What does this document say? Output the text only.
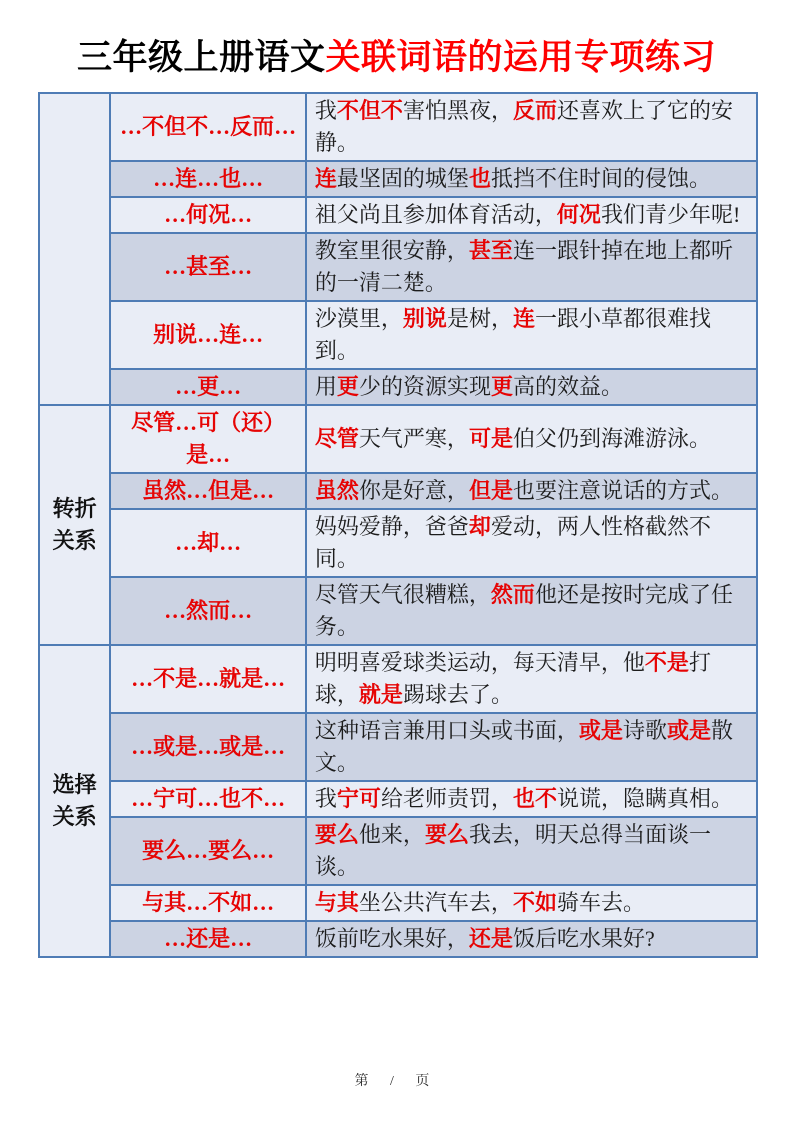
三年级上册语文关联词语的运用专项练习
	…不但不…反而…	我不但不害怕黑夜，反而还喜欢上了它的安静。
	…连…也…	连最坚固的城堡也抵挡不住时间的侵蚀。
	…何况…	祖父尚且参加体育活动，何况我们青少年呢!
	…甚至…	教室里很安静，甚至连一跟针掉在地上都听的一清二楚。
	别说…连…	沙漠里，别说是树，连一跟小草都很难找到。
	…更…	用更少的资源实现更高的效益。
转折关系	尽管…可（还）是…	尽管天气严寒，可是伯父仍到海滩游泳。
	虽然…但是…	虽然你是好意，但是也要注意说话的方式。
	…却…	妈妈爱静，爸爸却爱动，两人性格截然不同。
	…然而…	尽管天气很糟糕，然而他还是按时完成了任务。
选择关系	…不是…就是…	明明喜爱球类运动，每天清早，他不是打球，就是踢球去了。
	…或是…或是…	这种语言兼用口头或书面，或是诗歌或是散文。
	…宁可…也不…	我宁可给老师责罚，也不说谎，隐瞒真相。
	要么…要么…	要么他来，要么我去，明天总得当面谈一谈。
	与其…不如…	与其坐公共汽车去，不如骑车去。
	…还是…	饭前吃水果好，还是饭后吃水果好?
第 / 页
